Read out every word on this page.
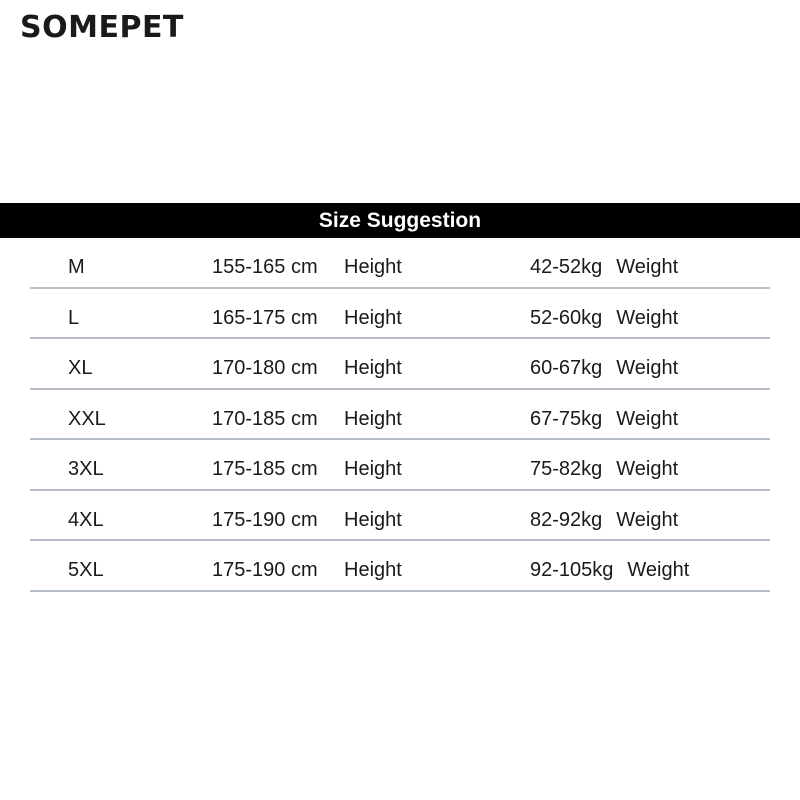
SOMEPET
Size Suggestion
M	155-165 cm Height	42-52kg Weight
L	165-175 cm Height	52-60kg Weight
XL	170-180 cm Height	60-67kg Weight
XXL	170-185 cm Height	67-75kg Weight
3XL	175-185 cm Height	75-82kg Weight
4XL	175-190 cm Height	82-92kg Weight
5XL	175-190 cm Height	92-105kg Weight
